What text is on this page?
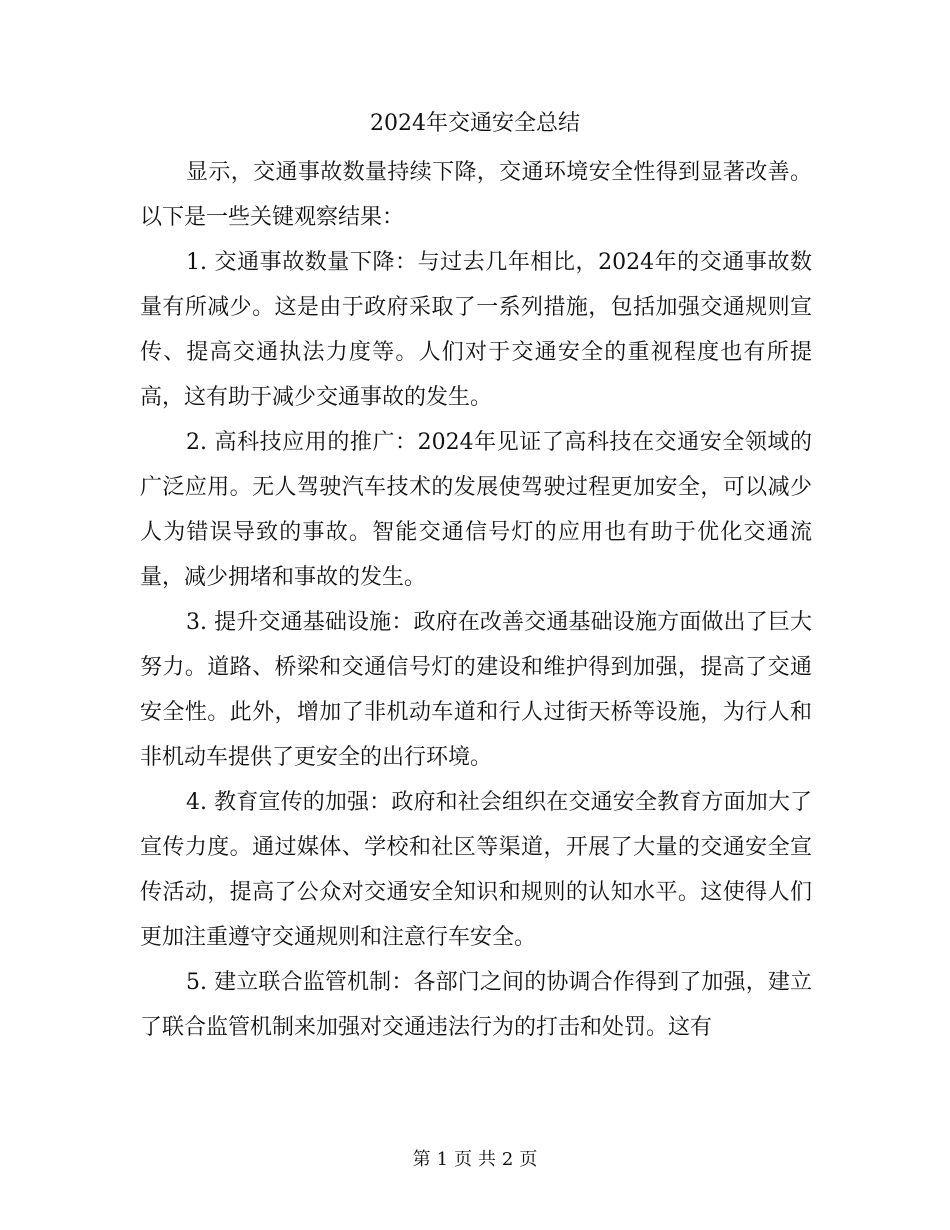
2024年交通安全总结

显示，交通事故数量持续下降，交通环境安全性得到显著改善。以下是一些关键观察结果：

1. 交通事故数量下降：与过去几年相比，2024年的交通事故数量有所减少。这是由于政府采取了一系列措施，包括加强交通规则宣传、提高交通执法力度等。人们对于交通安全的重视程度也有所提高，这有助于减少交通事故的发生。

2. 高科技应用的推广：2024年见证了高科技在交通安全领域的广泛应用。无人驾驶汽车技术的发展使驾驶过程更加安全，可以减少人为错误导致的事故。智能交通信号灯的应用也有助于优化交通流量，减少拥堵和事故的发生。

3. 提升交通基础设施：政府在改善交通基础设施方面做出了巨大努力。道路、桥梁和交通信号灯的建设和维护得到加强，提高了交通安全性。此外，增加了非机动车道和行人过街天桥等设施，为行人和非机动车提供了更安全的出行环境。

4. 教育宣传的加强：政府和社会组织在交通安全教育方面加大了宣传力度。通过媒体、学校和社区等渠道，开展了大量的交通安全宣传活动，提高了公众对交通安全知识和规则的认知水平。这使得人们更加注重遵守交通规则和注意行车安全。

5. 建立联合监管机制：各部门之间的协调合作得到了加强，建立了联合监管机制来加强对交通违法行为的打击和处罚。这有

第 1 页 共 2 页
